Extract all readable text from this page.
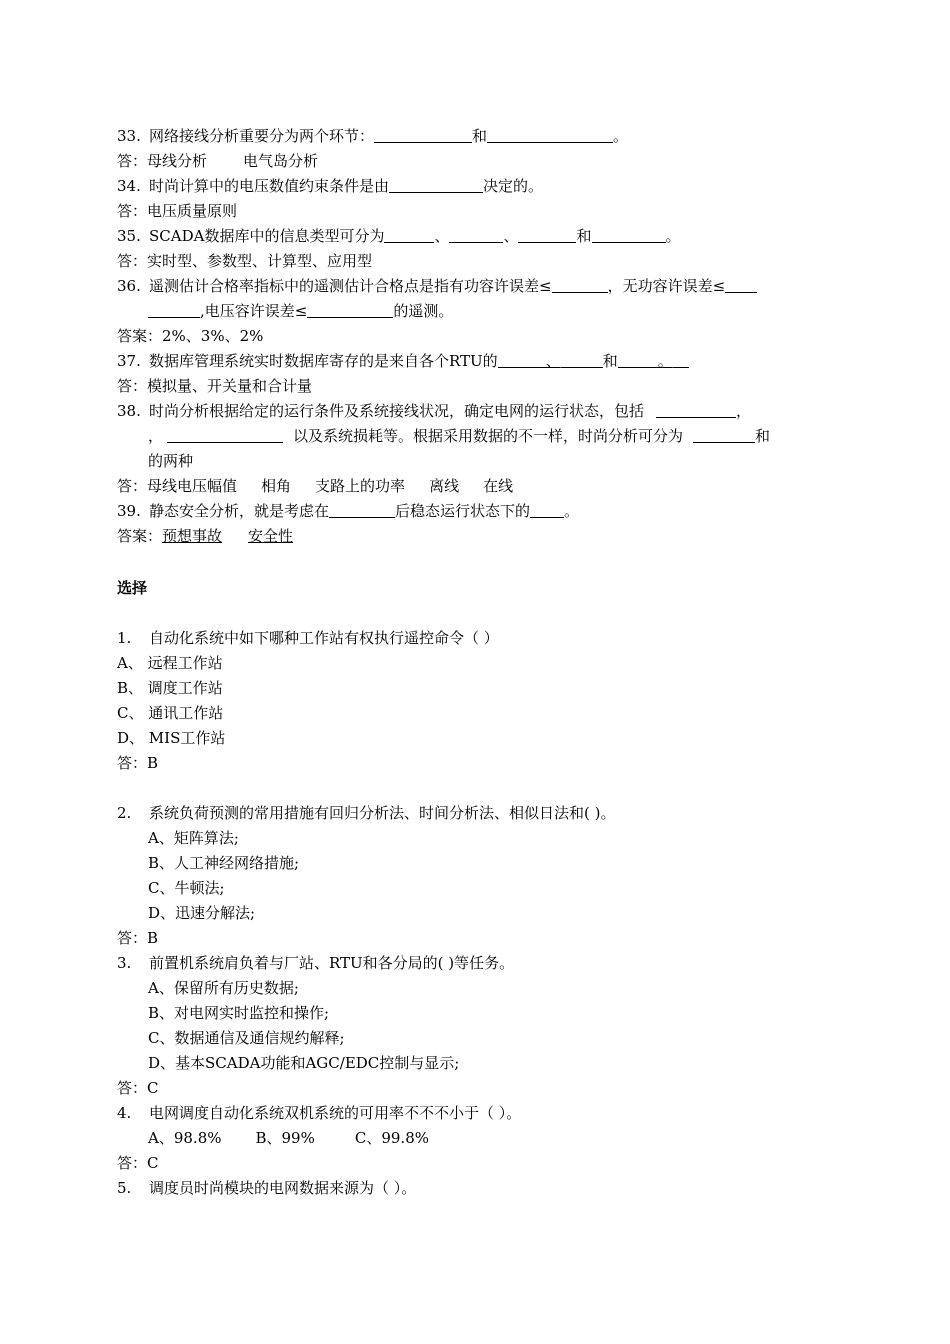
33. 网络接线分析重要分为两个环节：	和	。
答：母线分析 电气岛分析
34. 时尚计算中的电压数值约束条件是由	决定的。
答：电压质量原则
35. SCADA数据库中的信息类型可分为	、	、	和	。
答：实时型、参数型、计算型、应用型
36. 遥测估计合格率指标中的遥测估计合格点是指有功容许误差≤	，无功容许误差≤
,电压容许误差≤	的遥测。
答案：2%、3%、2%
37. 数据库管理系统实时数据库寄存的是来自各个RTU的	、	和	。
答：模拟量、开关量和合计量
38. 时尚分析根据给定的运行条件及系统接线状况，确定电网的运行状态，包括	，
，	以及系统损耗等。根据采用数据的不一样，时尚分析可分为	和
的两种
答：母线电压幅值 相角 支路上的功率 离线 在线
39. 静态安全分析，就是考虑在	后稳态运行状态下的 。
答案：预想事故 安全性
选择
1. 自动化系统中如下哪种工作站有权执行遥控命令（ ）
A、 远程工作站
B、 调度工作站
C、 通讯工作站
D、 MIS工作站
答：B
2. 系统负荷预测的常用措施有回归分析法、时间分析法、相似日法和( )。
A、矩阵算法;
B、人工神经网络措施;
C、牛顿法;
D、迅速分解法;
答：B
3. 前置机系统肩负着与厂站、RTU和各分局的( )等任务。
A、保留所有历史数据;
B、对电网实时监控和操作;
C、数据通信及通信规约解释;
D、基本SCADA功能和AGC/EDC控制与显示;
答：C
4. 电网调度自动化系统双机系统的可用率不不不小于（ ）。
A、98.8% B、99%	C、99.8%
答：C
5. 调度员时尚模块的电网数据来源为（ ）。
